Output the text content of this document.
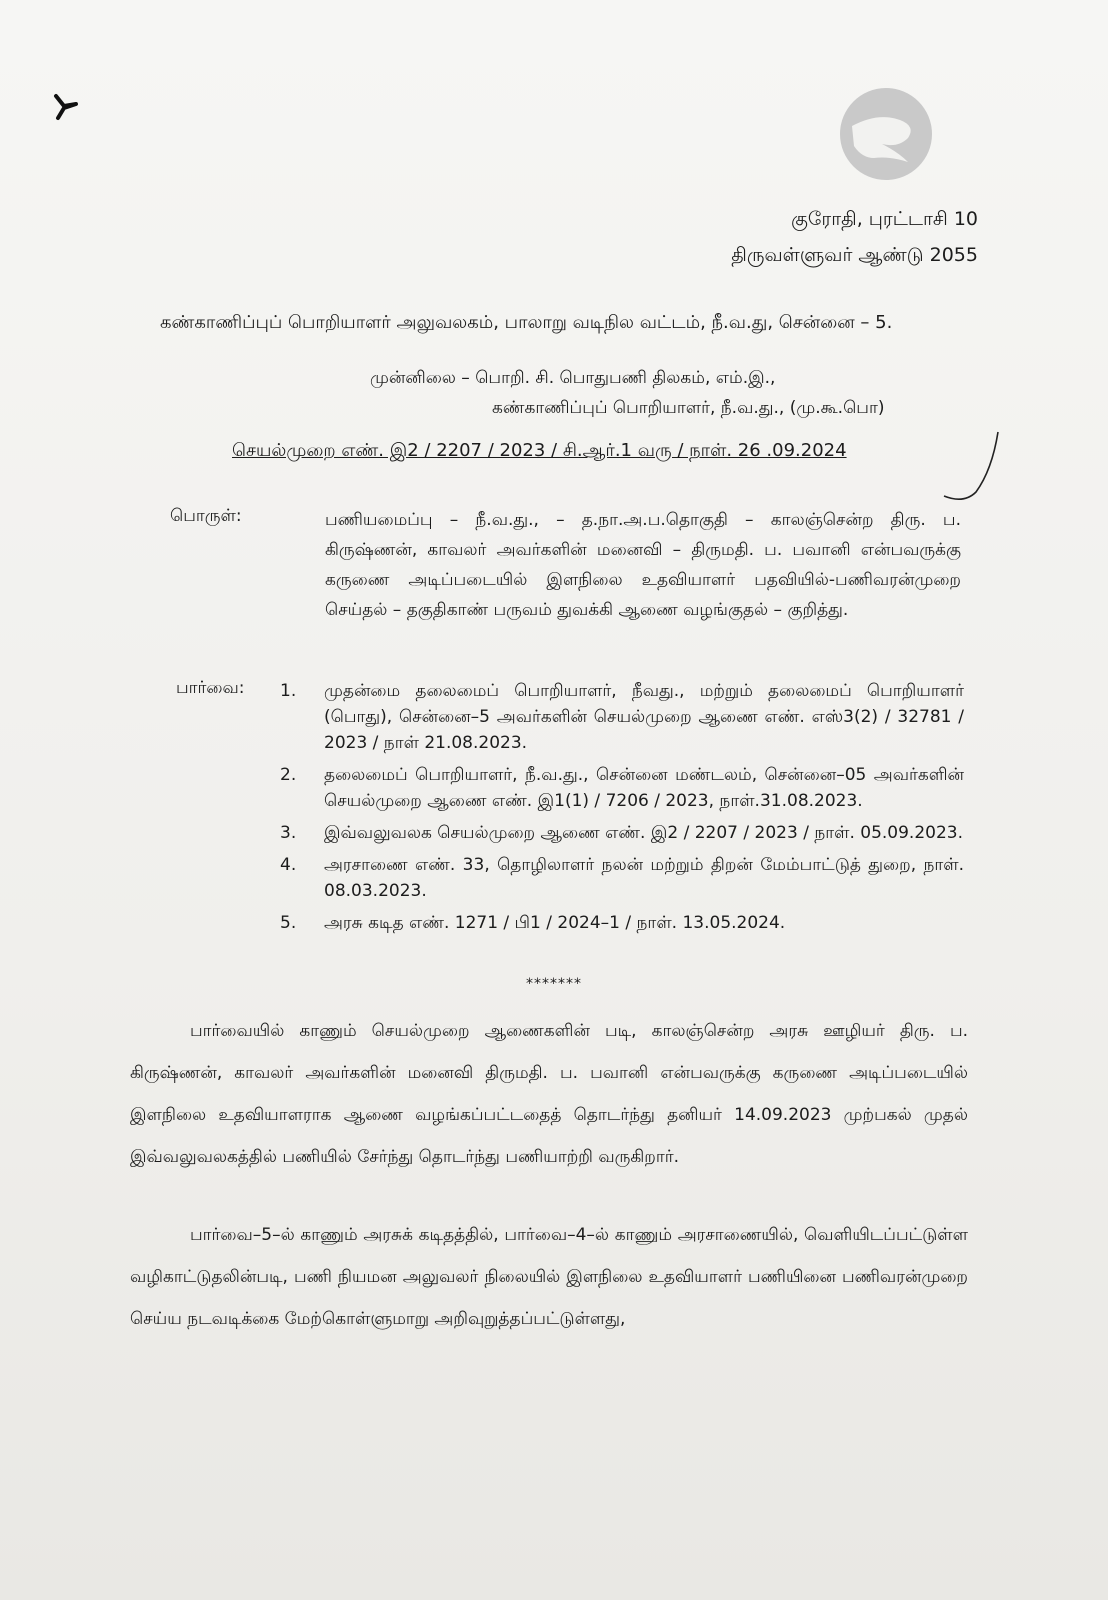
குரோதி, புரட்டாசி 10
திருவள்ளுவர் ஆண்டு 2055
கண்காணிப்புப் பொறியாளர் அலுவலகம், பாலாறு வடிநில வட்டம், நீ.வ.து, சென்னை – 5.
முன்னிலை – பொறி. சி. பொதுபணி திலகம், எம்.இ.,
கண்காணிப்புப் பொறியாளர், நீ.வ.து., (மு.கூ.பொ)
செயல்முறை எண். இ2 / 2207 / 2023 / சி.ஆர்.1 வரு / நாள். 26 .09.2024
பொருள்:	பணியமைப்பு – நீ.வ.து., – த.நா.அ.ப.தொகுதி – காலஞ்சென்ற திரு. ப. கிருஷ்ணன், காவலர் அவர்களின் மனைவி – திருமதி. ப. பவானி என்பவருக்கு கருணை அடிப்படையில் இளநிலை உதவியாளர் பதவியில்-பணிவரன்முறை செய்தல் – தகுதிகாண் பருவம் துவக்கி ஆணை வழங்குதல் – குறித்து.
பார்வை: 1.	முதன்மை தலைமைப் பொறியாளர், நீவது., மற்றும் தலைமைப் பொறியாளர் (பொது), சென்னை–5 அவர்களின் செயல்முறை ஆணை எண். எஸ்3(2) / 32781 / 2023 / நாள் 21.08.2023.
2.	தலைமைப் பொறியாளர், நீ.வ.து., சென்னை மண்டலம், சென்னை–05 அவர்களின் செயல்முறை ஆணை எண். இ1(1) / 7206 / 2023, நாள்.31.08.2023.
3.	இவ்வலுவலக செயல்முறை ஆணை எண். இ2 / 2207 / 2023 / நாள். 05.09.2023.
4.	அரசாணை எண். 33, தொழிலாளர் நலன் மற்றும் திறன் மேம்பாட்டுத் துறை, நாள். 08.03.2023.
5.	அரசு கடித எண். 1271 / பி1 / 2024–1 / நாள். 13.05.2024.
*******
பார்வையில் காணும் செயல்முறை ஆணைகளின் படி, காலஞ்சென்ற அரசு ஊழியர் திரு. ப. கிருஷ்ணன், காவலர் அவர்களின் மனைவி திருமதி. ப. பவானி என்பவருக்கு கருணை அடிப்படையில் இளநிலை உதவியாளராக ஆணை வழங்கப்பட்டதைத் தொடர்ந்து தனியர் 14.09.2023 முற்பகல் முதல் இவ்வலுவலகத்தில் பணியில் சேர்ந்து தொடர்ந்து பணியாற்றி வருகிறார்.
பார்வை–5–ல் காணும் அரசுக் கடிதத்தில், பார்வை–4–ல் காணும் அரசாணையில், வெளியிடப்பட்டுள்ள வழிகாட்டுதலின்படி, பணி நியமன அலுவலர் நிலையில் இளநிலை உதவியாளர் பணியினை பணிவரன்முறை செய்ய நடவடிக்கை மேற்கொள்ளுமாறு அறிவுறுத்தப்பட்டுள்ளது,
